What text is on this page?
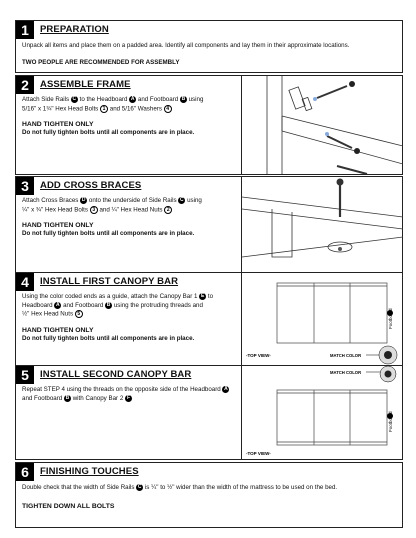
1	PREPARATION
Unpack all items and place them on a padded area. Identify all components and lay them in their approximate locations.
TWO PEOPLE ARE RECOMMENDED FOR ASSEMBLY
2	ASSEMBLE FRAME
Attach Side Rails C to the Headboard A and Footboard B using
5/16" x 1¾" Hex Head Bolts 1 and 5/16" Washers 4
HAND TIGHTEN ONLY
Do not fully tighten bolts until all components are in place.
3	ADD CROSS BRACES
Attach Cross Braces D onto the underside of Side Rails C using
¼" x ¾" Hex Head Bolts 3 and ¼" Hex Head Nuts 2
HAND TIGHTEN ONLY
Do not fully tighten bolts until all components are in place.
4	INSTALL FIRST CANOPY BAR
Using the color coded ends as a guide, attach the Canopy Bar 1 E to
Headboard A and Footboard B using the protruding threads and
½" Hex Head Nuts 5
HAND TIGHTEN ONLY
Do not fully tighten bolts until all components are in place.
Footboard
-TOP VIEW-	MATCH COLOR
5	INSTALL SECOND CANOPY BAR
Repeat STEP 4 using the threads on the opposite side of the Headboard A
and Footboard B with Canopy Bar 2 F
MATCH COLOR
Footboard
-TOP VIEW-
6	FINISHING TOUCHES
Double check that the width of Side Rails C is ¼" to ½" wider than the width of the mattress to be used on the bed.
TIGHTEN DOWN ALL BOLTS
